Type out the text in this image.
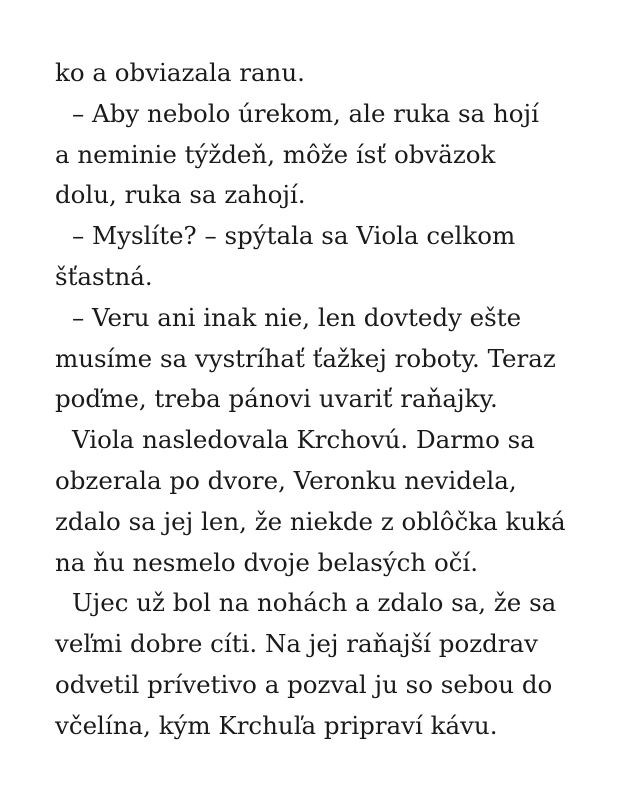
ko a obviazala ranu.
– Aby nebolo úrekom, ale ruka sa hojí
a neminie týždeň, môže ísť obväzok
dolu, ruka sa zahojí.
– Myslíte? – spýtala sa Viola celkom
šťastná.
– Veru ani inak nie, len dovtedy ešte
musíme sa vystríhať ťažkej roboty. Teraz
poďme, treba pánovi uvariť raňajky.
Viola nasledovala Krchovú. Darmo sa
obzerala po dvore, Veronku nevidela,
zdalo sa jej len, že niekde z oblôčka kuká
na ňu nesmelo dvoje belasých očí.
Ujec už bol na nohách a zdalo sa, že sa
veľmi dobre cíti. Na jej raňajší pozdrav
odvetil prívetivo a pozval ju so sebou do
včelína, kým Krchuľa pripraví kávu.
